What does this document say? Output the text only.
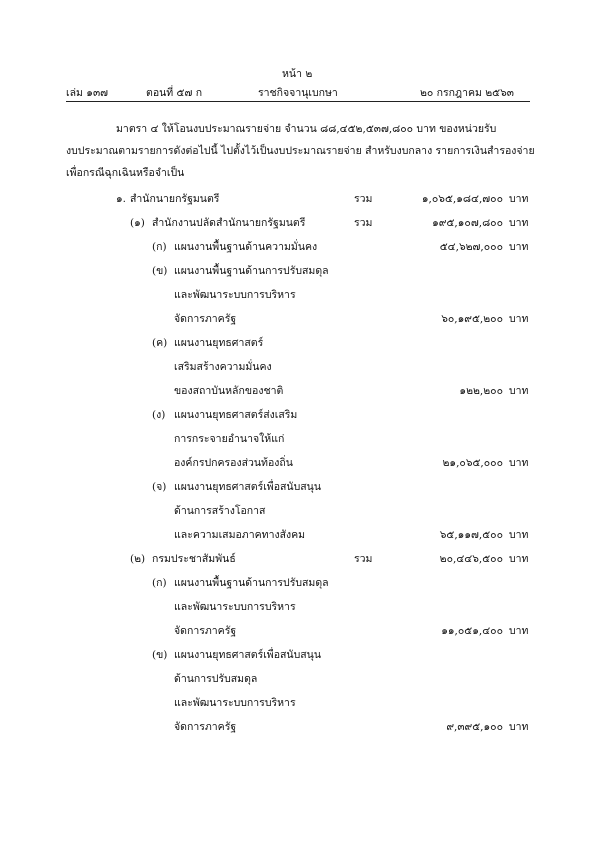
หน้า ๒
เล่ม ๑๓๗	ตอนที่ ๕๗ ก	ราชกิจจานุเบกษา	๒๐ กรกฎาคม ๒๕๖๓
มาตรา ๔ ให้โอนงบประมาณรายจ่าย จำนวน ๘๘,๔๕๒,๕๓๗,๘๐๐ บาท ของหน่วยรับ
งบประมาณตามรายการดังต่อไปนี้ ไปตั้งไว้เป็นงบประมาณรายจ่าย สำหรับงบกลาง รายการเงินสำรองจ่าย
เพื่อกรณีฉุกเฉินหรือจำเป็น
๑. สำนักนายกรัฐมนตรี	รวม	๑,๐๖๕,๑๘๔,๗๐๐ บาท
(๑) สำนักงานปลัดสำนักนายกรัฐมนตรี	รวม	๑๙๕,๑๐๗,๘๐๐ บาท
(ก) แผนงานพื้นฐานด้านความมั่นคง	๕๔,๖๒๗,๐๐๐ บาท
(ข) แผนงานพื้นฐานด้านการปรับสมดุล
และพัฒนาระบบการบริหาร
จัดการภาครัฐ	๖๐,๑๙๕,๒๐๐ บาท
(ค) แผนงานยุทธศาสตร์
เสริมสร้างความมั่นคง
ของสถาบันหลักของชาติ	๑๒๒,๒๐๐ บาท
(ง) แผนงานยุทธศาสตร์ส่งเสริม
การกระจายอำนาจให้แก่
องค์กรปกครองส่วนท้องถิ่น	๒๑,๐๖๕,๐๐๐ บาท
(จ) แผนงานยุทธศาสตร์เพื่อสนับสนุน
ด้านการสร้างโอกาส
และความเสมอภาคทางสังคม	๖๕,๑๑๗,๕๐๐ บาท
(๒) กรมประชาสัมพันธ์	รวม	๒๐,๔๔๖,๕๐๐ บาท
(ก) แผนงานพื้นฐานด้านการปรับสมดุล
และพัฒนาระบบการบริหาร
จัดการภาครัฐ	๑๑,๐๕๑,๔๐๐ บาท
(ข) แผนงานยุทธศาสตร์เพื่อสนับสนุน
ด้านการปรับสมดุล
และพัฒนาระบบการบริหาร
จัดการภาครัฐ	๙,๓๙๕,๑๐๐ บาท
